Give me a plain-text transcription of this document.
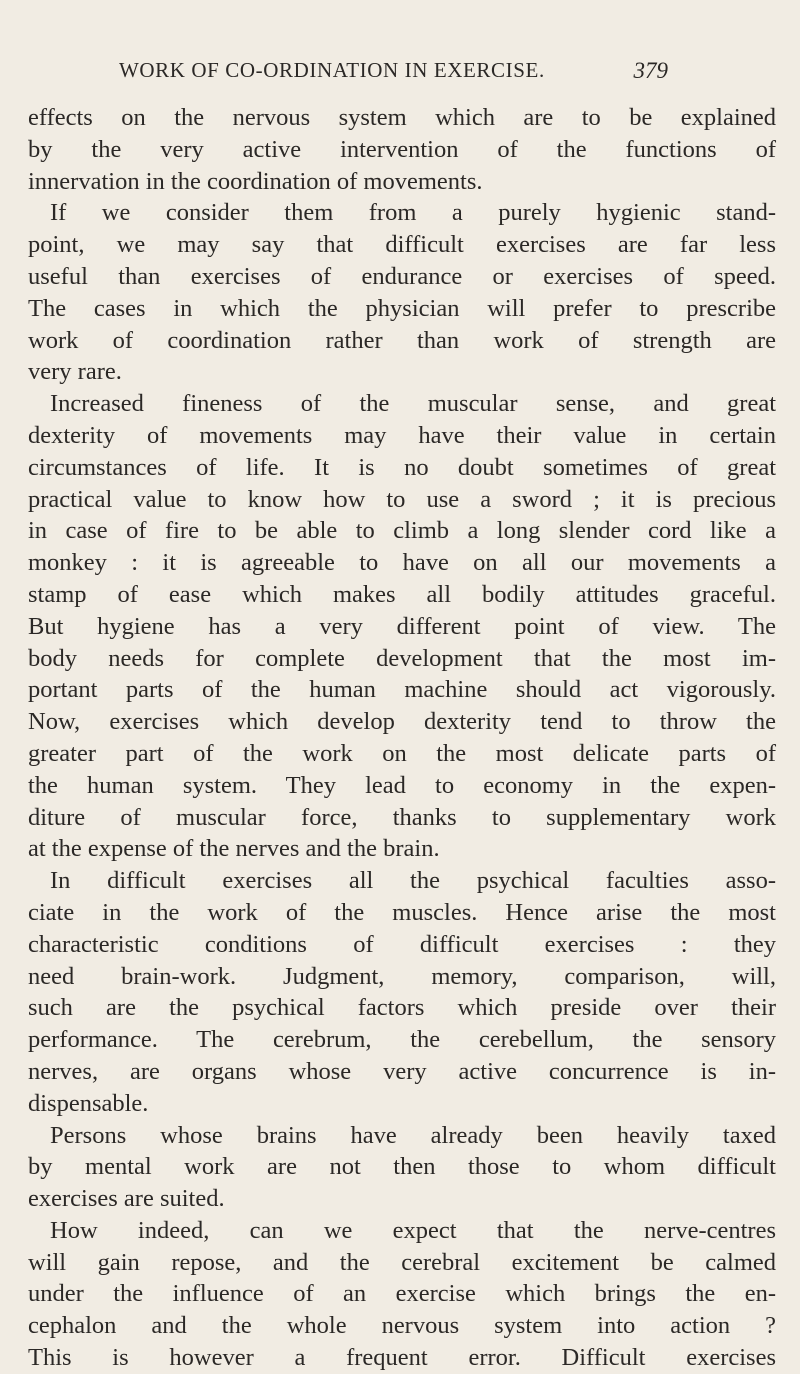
WORK OF CO-ORDINATION IN EXERCISE.	379
effects on the nervous system which are to be explained
by the very active intervention of the functions of
innervation in the coordination of movements.
If we consider them from a purely hygienic stand-
point, we may say that difficult exercises are far less
useful than exercises of endurance or exercises of speed.
The cases in which the physician will prefer to prescribe
work of coordination rather than work of strength are
very rare.
Increased fineness of the muscular sense, and great
dexterity of movements may have their value in certain
circumstances of life. It is no doubt sometimes of great
practical value to know how to use a sword ; it is precious
in case of fire to be able to climb a long slender cord like a
monkey : it is agreeable to have on all our movements a
stamp of ease which makes all bodily attitudes graceful.
But hygiene has a very different point of view. The
body needs for complete development that the most im-
portant parts of the human machine should act vigorously.
Now, exercises which develop dexterity tend to throw the
greater part of the work on the most delicate parts of
the human system. They lead to economy in the expen-
diture of muscular force, thanks to supplementary work
at the expense of the nerves and the brain.
In difficult exercises all the psychical faculties asso-
ciate in the work of the muscles. Hence arise the most
characteristic conditions of difficult exercises : they
need brain-work. Judgment, memory, comparison, will,
such are the psychical factors which preside over their
performance. The cerebrum, the cerebellum, the sensory
nerves, are organs whose very active concurrence is in-
dispensable.
Persons whose brains have already been heavily taxed
by mental work are not then those to whom difficult
exercises are suited.
How indeed, can we expect that the nerve-centres
will gain repose, and the cerebral excitement be calmed
under the influence of an exercise which brings the en-
cephalon and the whole nervous system into action ?
This is however a frequent error. Difficult exercises
